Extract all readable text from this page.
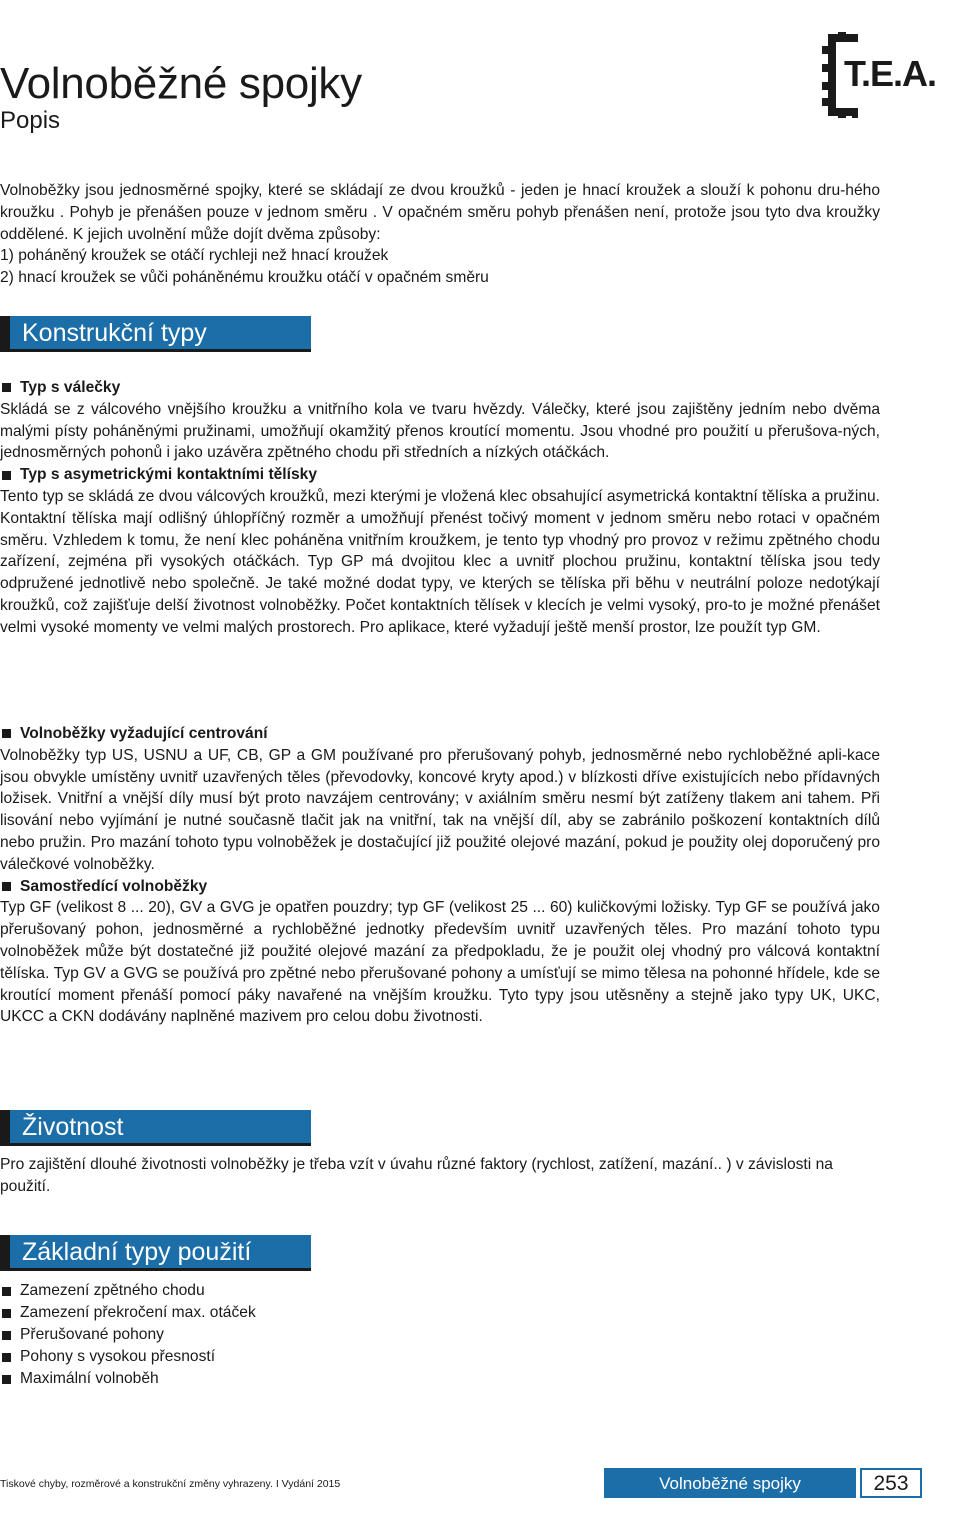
Volnoběžné spojky
Popis
T.E.A.

Volnoběžky jsou jednosměrné spojky, které se skládají ze dvou kroužků - jeden je hnací kroužek a slouží k pohonu dru-hého kroužku . Pohyb je přenášen pouze v jednom směru . V opačném směru pohyb přenášen není, protože jsou tyto dva kroužky oddělené. K jejich uvolnění může dojít dvěma způsoby:

1) poháněný kroužek se otáčí rychleji než hnací kroužek

2) hnací kroužek se vůči poháněnému kroužku otáčí v opačném směru

Konstrukční typy
Typ s válečky

Skládá se z válcového vnějšího kroužku a vnitřního kola ve tvaru hvězdy. Válečky, které jsou zajištěny jedním nebo dvěma malými písty poháněnými pružinami, umožňují okamžitý přenos kroutící momentu. Jsou vhodné pro použití u přerušova-ných, jednosměrných pohonů i jako uzávěra zpětného chodu při středních a nízkých otáčkách.

Typ s asymetrickými kontaktními tělísky

Tento typ se skládá ze dvou válcových kroužků, mezi kterými je vložená klec obsahující asymetrická kontaktní tělíska a pružinu. Kontaktní tělíska mají odlišný úhlopříčný rozměr a umožňují přenést točivý moment v jednom směru nebo rotaci v opačném směru. Vzhledem k tomu, že není klec poháněna vnitřním kroužkem, je tento typ vhodný pro provoz v režimu zpětného chodu zařízení, zejména při vysokých otáčkách. Typ GP má dvojitou klec a uvnitř plochou pružinu, kontaktní tělíska jsou tedy odpružené jednotlivě nebo společně. Je také možné dodat typy, ve kterých se tělíska při běhu v neutrální poloze nedotýkají kroužků, což zajišťuje delší životnost volnoběžky. Počet kontaktních tělísek v klecích je velmi vysoký, pro-to je možné přenášet velmi vysoké momenty ve velmi malých prostorech. Pro aplikace, které vyžadují ještě menší prostor, lze použít typ GM.

Volnoběžky vyžadující centrování

Volnoběžky typ US, USNU a UF, CB, GP a GM používané pro přerušovaný pohyb, jednosměrné nebo rychloběžné apli-kace jsou obvykle umístěny uvnitř uzavřených těles (převodovky, koncové kryty apod.) v blízkosti dříve existujících nebo přídavných ložisek. Vnitřní a vnější díly musí být proto navzájem centrovány; v axiálním směru nesmí být zatíženy tlakem ani tahem. Při lisování nebo vyjímání je nutné současně tlačit jak na vnitřní, tak na vnější díl, aby se zabránilo poškození kontaktních dílů nebo pružin. Pro mazání tohoto typu volnoběžek je dostačující již použité olejové mazání, pokud je použity olej doporučený pro válečkové volnoběžky.

Samostředící volnoběžky

Typ GF (velikost 8 ... 20), GV a GVG je opatřen pouzdry; typ GF (velikost 25 ... 60) kuličkovými ložisky. Typ GF se používá jako přerušovaný pohon, jednosměrné a rychloběžné jednotky především uvnitř uzavřených těles. Pro mazání tohoto typu volnoběžek může být dostatečné již použité olejové mazání za předpokladu, že je použit olej vhodný pro válcová kontaktní tělíska. Typ GV a GVG se používá pro zpětné nebo přerušované pohony a umísťují se mimo tělesa na pohonné hřídele, kde se kroutící moment přenáší pomocí páky navařené na vnějším kroužku. Tyto typy jsou utěsněny a stejně jako typy UK, UKC, UKCC a CKN dodávány naplněné mazivem pro celou dobu životnosti.

Životnost

Pro zajištění dlouhé životnosti volnoběžky je třeba vzít v úvahu různé faktory (rychlost, zatížení, mazání.. ) v závislosti na použití.

Základní typy použití
Zamezení zpětného chodu
Zamezení překročení max. otáček
Přerušované pohony
Pohony s vysokou přesností
Maximální volnoběh
Tiskové chyby, rozměrové a konstrukční změny vyhrazeny. I Vydání 2015	Volnoběžné spojky	253
